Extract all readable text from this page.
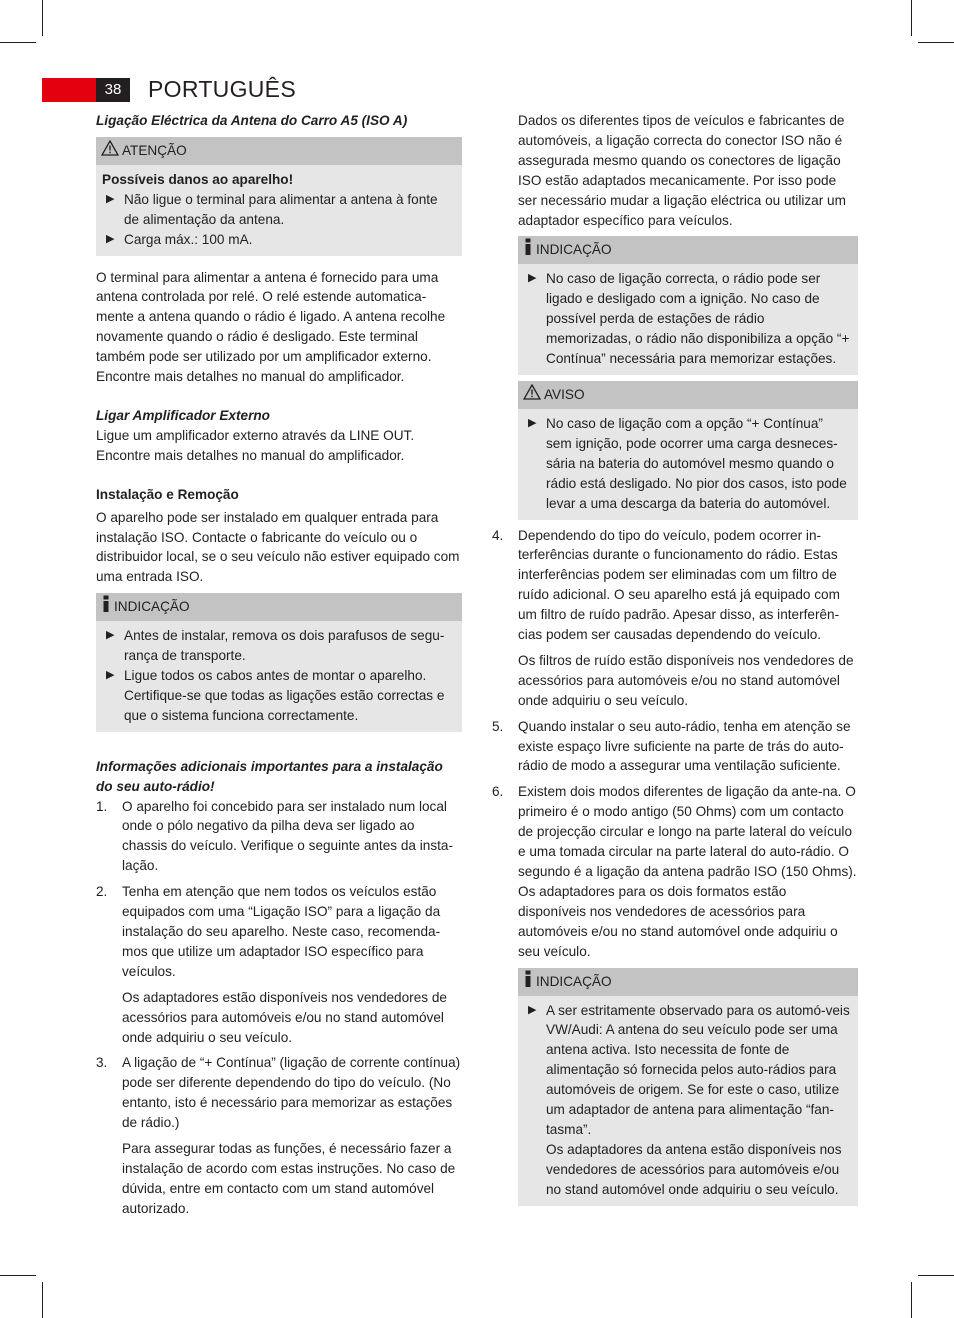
38	PORTUGUÊS

Ligação Eléctrica da Antena do Carro A5 (ISO A)

ATENÇÃO

Possíveis danos ao aparelho!

▶ Não ligue o terminal para alimentar a antena à fonte de alimentação da antena.
▶ Carga máx.: 100 mA.

O terminal para alimentar a antena é fornecido para uma antena controlada por relé. O relé estende automatica-mente a antena quando o rádio é ligado. A antena recolhe novamente quando o rádio é desligado. Este terminal também pode ser utilizado por um amplificador externo. Encontre mais detalhes no manual do amplificador.

Ligar Amplificador Externo

Ligue um amplificador externo através da LINE OUT. Encontre mais detalhes no manual do amplificador.

Instalação e Remoção

O aparelho pode ser instalado em qualquer entrada para instalação ISO. Contacte o fabricante do veículo ou o distribuidor local, se o seu veículo não estiver equipado com uma entrada ISO.

INDICAÇÃO
▶ Antes de instalar, remova os dois parafusos de segu-rança de transporte.
▶ Ligue todos os cabos antes de montar o aparelho. Certifique-se que todas as ligações estão correctas e que o sistema funciona correctamente.

Informações adicionais importantes para a instalação do seu auto-rádio!

1.	O aparelho foi concebido para ser instalado num local onde o pólo negativo da pilha deva ser ligado ao chassis do veículo. Verifique o seguinte antes da insta-lação.
2.	Tenha em atenção que nem todos os veículos estão equipados com uma “Ligação ISO” para a ligação da instalação do seu aparelho. Neste caso, recomenda-mos que utilize um adaptador ISO específico para veículos.

Os adaptadores estão disponíveis nos vendedores de acessórios para automóveis e/ou no stand automóvel onde adquiriu o seu veículo.

3.	A ligação de “+ Contínua” (ligação de corrente contínua) pode ser diferente dependendo do tipo do veículo. (No entanto, isto é necessário para memorizar as estações de rádio.)

Para assegurar todas as funções, é necessário fazer a instalação de acordo com estas instruções. No caso de dúvida, entre em contacto com um stand automóvel autorizado.

Dados os diferentes tipos de veículos e fabricantes de automóveis, a ligação correcta do conector ISO não é assegurada mesmo quando os conectores de ligação ISO estão adaptados mecanicamente. Por isso pode ser necessário mudar a ligação eléctrica ou utilizar um adaptador específico para veículos.

INDICAÇÃO
▶ No caso de ligação correcta, o rádio pode ser ligado e desligado com a ignição. No caso de possível perda de estações de rádio memorizadas, o rádio não disponibiliza a opção “+ Contínua” necessária para memorizar estações.
AVISO
▶ No caso de ligação com a opção “+ Contínua” sem ignição, pode ocorrer uma carga desneces-sária na bateria do automóvel mesmo quando o rádio está desligado. No pior dos casos, isto pode levar a uma descarga da bateria do automóvel.
4.	Dependendo do tipo do veículo, podem ocorrer in-terferências durante o funcionamento do rádio. Estas interferências podem ser eliminadas com um filtro de ruído adicional. O seu aparelho está já equipado com um filtro de ruído padrão. Apesar disso, as interferên-cias podem ser causadas dependendo do veículo.

Os filtros de ruído estão disponíveis nos vendedores de acessórios para automóveis e/ou no stand automóvel onde adquiriu o seu veículo.

5.	Quando instalar o seu auto-rádio, tenha em atenção se existe espaço livre suficiente na parte de trás do auto-rádio de modo a assegurar uma ventilação suficiente.
6.	Existem dois modos diferentes de ligação da ante-na. O primeiro é o modo antigo (50 Ohms) com um contacto de projecção circular e longo na parte lateral do veículo e uma tomada circular na parte lateral do auto-rádio. O segundo é a ligação da antena padrão ISO (150 Ohms). Os adaptadores para os dois formatos estão disponíveis nos vendedores de acessórios para automóveis e/ou no stand automóvel onde adquiriu o seu veículo.
INDICAÇÃO
▶ A ser estritamente observado para os automó-veis VW/Audi: A antena do seu veículo pode ser uma antena activa. Isto necessita de fonte de alimentação só fornecida pelos auto-rádios para automóveis de origem. Se for este o caso, utilize um adaptador de antena para alimentação “fan-tasma”.
Os adaptadores da antena estão disponíveis nos vendedores de acessórios para automóveis e/ou no stand automóvel onde adquiriu o seu veículo.
